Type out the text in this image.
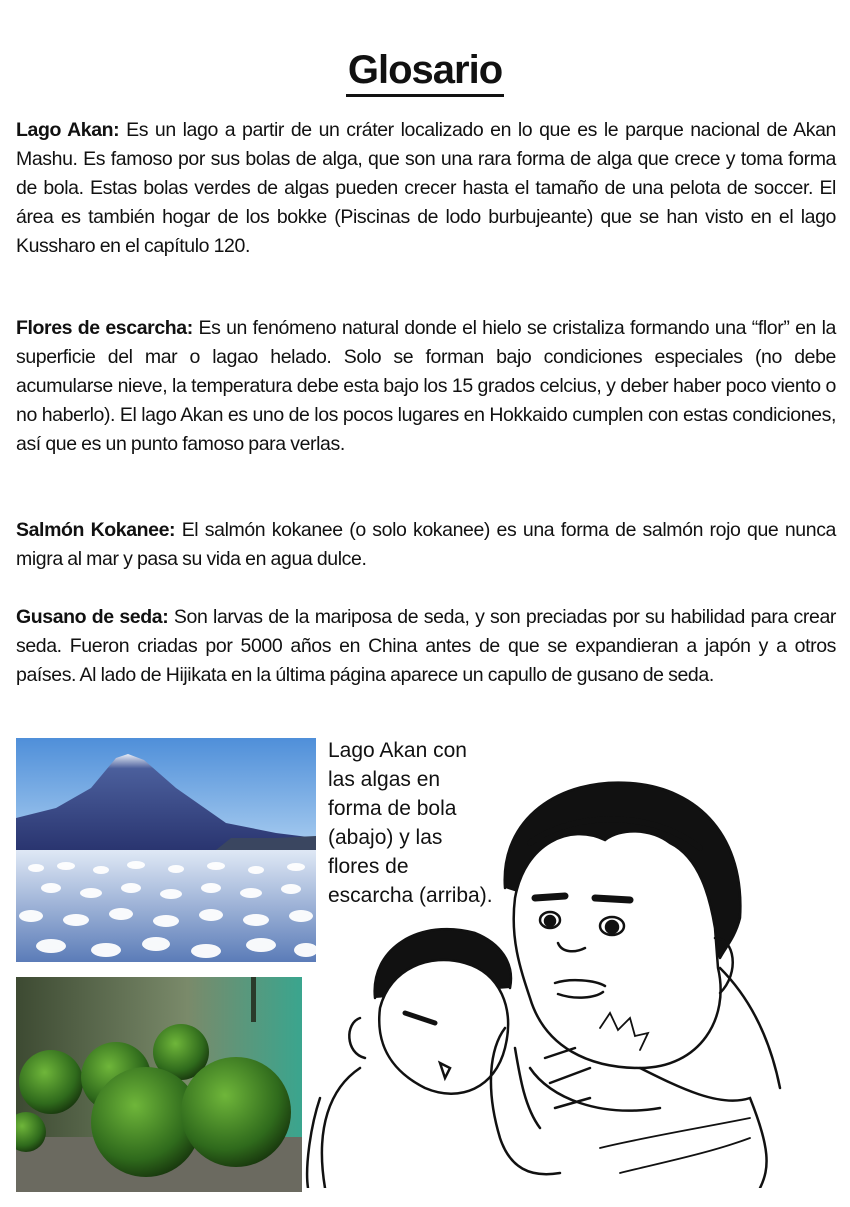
Glosario
Lago Akan: Es un lago a partir de un cráter localizado en lo que es le parque nacional de Akan Mashu. Es famoso por sus bolas de alga, que son una rara forma de alga que crece y toma forma de bola. Estas bolas verdes de algas pueden crecer hasta el tamaño de una pelota de soccer. El área es también hogar de los bokke (Piscinas de lodo burbujeante) que se han visto en el lago Kussharo en el capítulo 120.
Flores de escarcha: Es un fenómeno natural donde el hielo se cristaliza formando una “flor” en la superficie del mar o lagao helado. Solo se forman bajo condiciones especiales (no debe acumularse nieve, la temperatura debe esta bajo los 15 grados celcius, y deber haber poco viento o no haberlo). El lago Akan es uno de los pocos lugares en Hokkaido cumplen con estas condiciones, así que es un punto famoso para verlas.
Salmón Kokanee: El salmón kokanee (o solo kokanee) es una forma de salmón rojo que nunca migra al mar y pasa su vida en agua dulce.
Gusano de seda: Son larvas de la mariposa de seda, y son preciadas por su habilidad para crear seda. Fueron criadas por 5000 años en China antes de que se expandieran a japón y a otros países. Al lado de Hijikata en la última página aparece un capullo de gusano de seda.
Lago Akan con
las algas en
forma de bola
(abajo) y las
flores de
escarcha (arriba).
